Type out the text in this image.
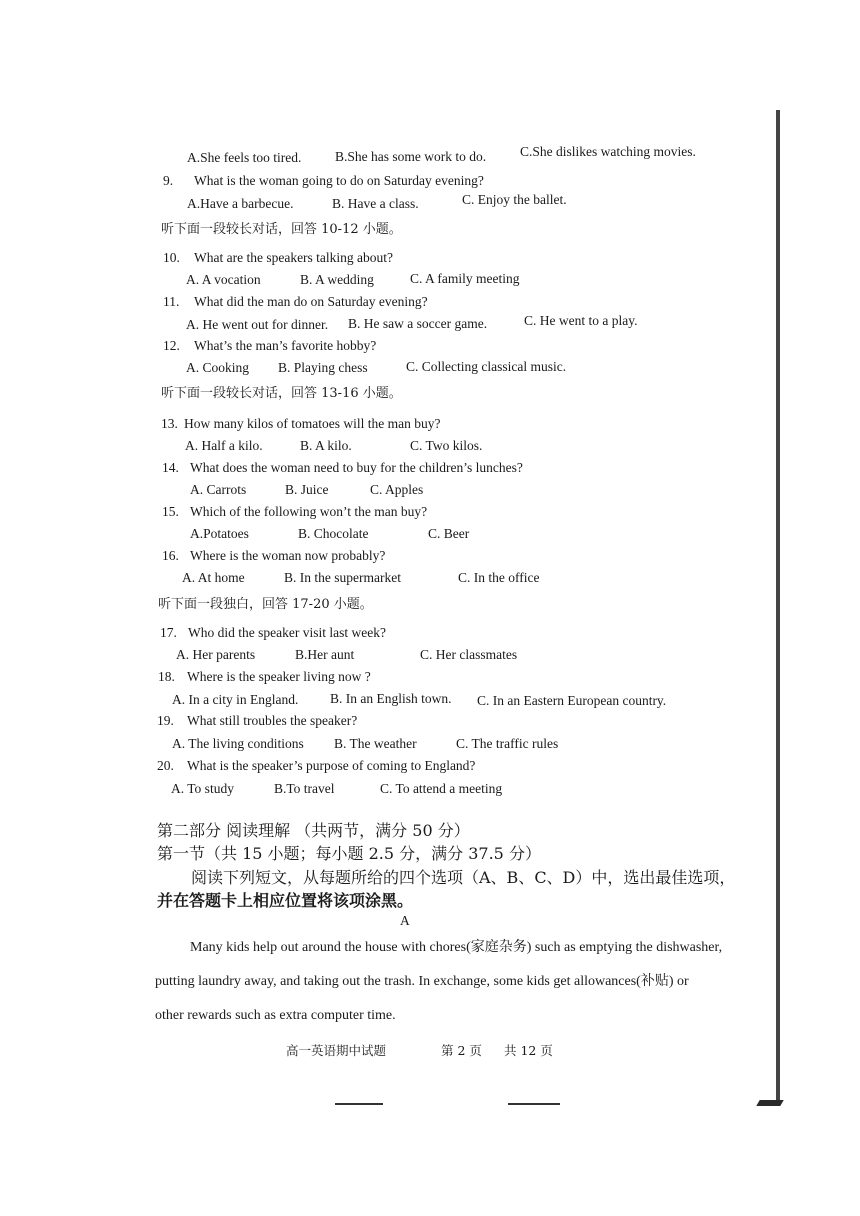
A.She feels too tired. B.She has some work to do.	C.She dislikes watching movies.
9. What is the woman going to do on Saturday evening?
A.Have a barbecue.	B. Have a class.	C. Enjoy the ballet.
听下面一段较长对话，回答 10-12 小题。
10. What are the speakers talking about?
A. A vocation	B. A wedding	C. A family meeting
11. What did the man do on Saturday evening?
A. He went out for dinner. B. He saw a soccer game.	C. He went to a play.
12. What’s the man’s favorite hobby?
A. Cooking B. Playing chess	C. Collecting classical music.
听下面一段较长对话，回答 13-16 小题。
13. How many kilos of tomatoes will the man buy?
A. Half a kilo.	B. A kilo.	C. Two kilos.
14. What does the woman need to buy for the children’s lunches?
A. Carrots	B. Juice	C. Apples
15. Which of the following won’t the man buy?
A.Potatoes	B. Chocolate	C. Beer
16. Where is the woman now probably?
A. At home	B. In the supermarket	C. In the office
听下面一段独白，回答 17-20 小题。
17. Who did the speaker visit last week?
A. Her parents	B.Her aunt	C. Her classmates
18. Where is the speaker living now ?
A. In a city in England. B. In an English town. C. In an Eastern European country.
19. What still troubles the speaker?
A. The living conditions B. The weather	C. The traffic rules
20. What is the speaker’s purpose of coming to England?
A. To study	B.To travel	C. To attend a meeting
第二部分 阅读理解 （共两节，满分 50 分）
第一节（共 15 小题；每小题 2.5 分，满分 37.5 分）
阅读下列短文，从每题所给的四个选项（A、B、C、D）中，选出最佳选项，
并在答题卡上相应位置将该项涂黑。
A
Many kids help out around the house with chores(家庭杂务) such as emptying the dishwasher,
putting laundry away, and taking out the trash. In exchange, some kids get allowances(补贴) or
other rewards such as extra computer time.
高一英语期中试题	第 2 页 共 12 页
